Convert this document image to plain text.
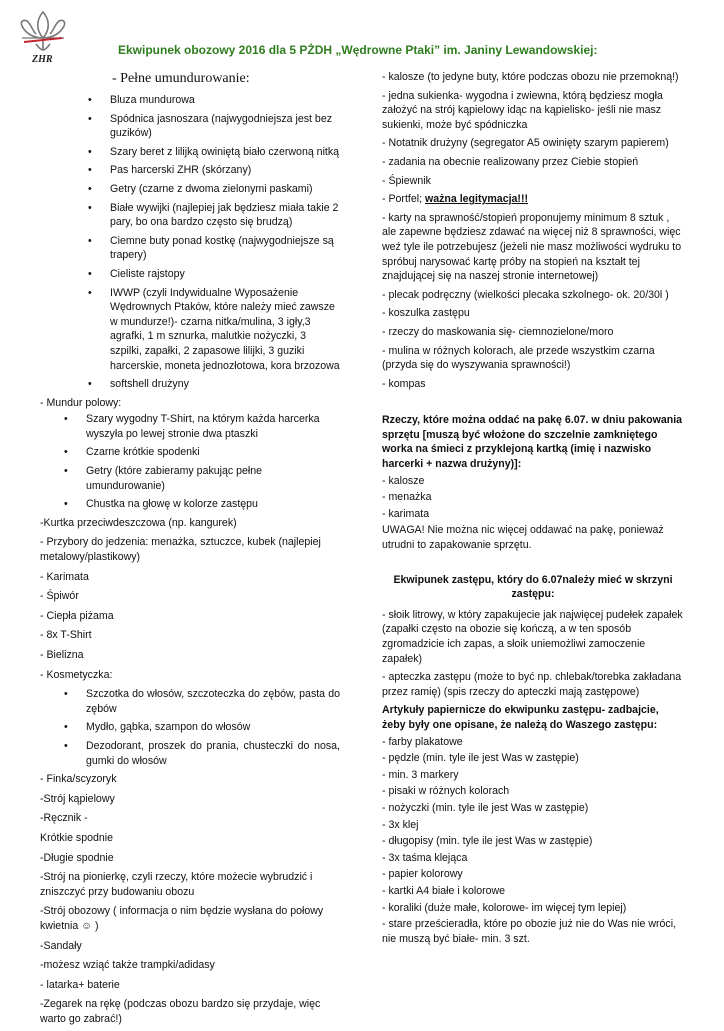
ZHR
Ekwipunek obozowy 2016 dla 5 PŻDH „Wędrowne Ptaki” im. Janiny Lewandowskiej:
- Pełne umundurowanie:
• Bluza mundurowa
• Spódnica jasnoszara (najwygodniejsza jest bez guzików)
• Szary beret z lilijką owiniętą biało czerwoną nitką
• Pas harcerski ZHR (skórzany)
• Getry (czarne z dwoma zielonymi paskami)
• Białe wywijki (najlepiej jak będziesz miała takie 2 pary, bo ona bardzo często się brudzą)
• Ciemne buty ponad kostkę (najwygodniejsze są trapery)
• Cieliste rajstopy
• IWWP (czyli Indywidualne Wyposażenie Wędrownych Ptaków, które należy mieć zawsze w mundurze!)- czarna nitka/mulina, 3 igły,3 agrafki, 1 m sznurka, malutkie nożyczki, 3 szpilki, zapałki, 2 zapasowe lilijki, 3 guziki harcerskie, moneta jednozłotowa, kora brzozowa
• softshell drużyny
- Mundur polowy:
• Szary wygodny T-Shirt, na którym każda harcerka wyszyła po lewej stronie dwa ptaszki
• Czarne krótkie spodenki
• Getry (które zabieramy pakując pełne umundurowanie)
• Chustka na głowę w kolorze zastępu
-Kurtka przeciwdeszczowa (np. kangurek)
- Przybory do jedzenia: menażka, sztuczce, kubek (najlepiej metalowy/plastikowy)
- Karimata
- Śpiwór
- Ciepła piżama
- 8x T-Shirt
- Bielizna
- Kosmetyczka:
• Szczotka do włosów, szczoteczka do zębów, pasta do zębów
• Mydło, gąbka, szampon do włosów
• Dezodorant, proszek do prania, chusteczki do nosa, gumki do włosów
- Finka/scyzoryk
-Strój kąpielowy
-Ręcznik -
Krótkie spodnie
-Długie spodnie
-Strój na pionierkę, czyli rzeczy, które możecie wybrudzić i zniszczyć przy budowaniu obozu
-Strój obozowy ( informacja o nim będzie wysłana do połowy kwietnia ☺ )
-Sandały
-możesz wziąć także trampki/adidasy
- latarka+ baterie
-Zegarek na rękę (podczas obozu bardzo się przydaje, więc warto go zabrać!)
- kalosze (to jedyne buty, które podczas obozu nie przemokną!)
- jedna sukienka- wygodna i zwiewna, którą będziesz mogła założyć na strój kąpielowy idąc na kąpielisko- jeśli nie masz sukienki, może być spódniczka
- Notatnik drużyny (segregator A5 owinięty szarym papierem)
- zadania na obecnie realizowany przez Ciebie stopień
- Śpiewnik
- Portfel; ważna legitymacja!!!
- karty na sprawność/stopień proponujemy minimum 8 sztuk , ale zapewne będziesz zdawać na więcej niż 8 sprawności, więc weź tyle ile potrzebujesz (jeżeli nie masz możliwości wydruku to spróbuj narysować kartę próby na stopień na kształt tej znajdującej się na naszej stronie internetowej)
- plecak podręczny (wielkości plecaka szkolnego- ok. 20/30l )
- koszulka zastępu
- rzeczy do maskowania się- ciemnozielone/moro
- mulina w różnych kolorach, ale przede wszystkim czarna (przyda się do wyszywania sprawności!)
- kompas
Rzeczy, które można oddać na pakę 6.07. w dniu pakowania sprzętu [muszą być włożone do szczelnie zamkniętego worka na śmieci z przyklejoną kartką (imię i nazwisko harcerki + nazwa drużyny)]:
- kalosze
- menażka
- karimata
UWAGA! Nie można nic więcej oddawać na pakę, ponieważ utrudni to zapakowanie sprzętu.
Ekwipunek zastępu, który do 6.07należy mieć w skrzyni zastępu:
- słoik litrowy, w który zapakujecie jak najwięcej pudełek zapałek (zapałki często na obozie się kończą, a w ten sposób zgromadzicie ich zapas, a słoik uniemożliwi zamoczenie zapałek)
- apteczka zastępu (może to być np. chlebak/torebka zakładana przez ramię) (spis rzeczy do apteczki mają zastępowe)
Artykuły papiernicze do ekwipunku zastępu- zadbajcie, żeby były one opisane, że należą do Waszego zastępu:
- farby plakatowe
- pędzle (min. tyle ile jest Was w zastępie)
- min. 3 markery
- pisaki w różnych kolorach
- nożyczki (min. tyle ile jest Was w zastępie)
- 3x klej
- długopisy (min. tyle ile jest Was w zastępie)
- 3x taśma klejąca
- papier kolorowy
- kartki A4 białe i kolorowe
- koraliki (duże małe, kolorowe- im więcej tym lepiej)
- stare prześcieradła, które po obozie już nie do Was nie wróci, nie muszą być białe- min. 3 szt.
